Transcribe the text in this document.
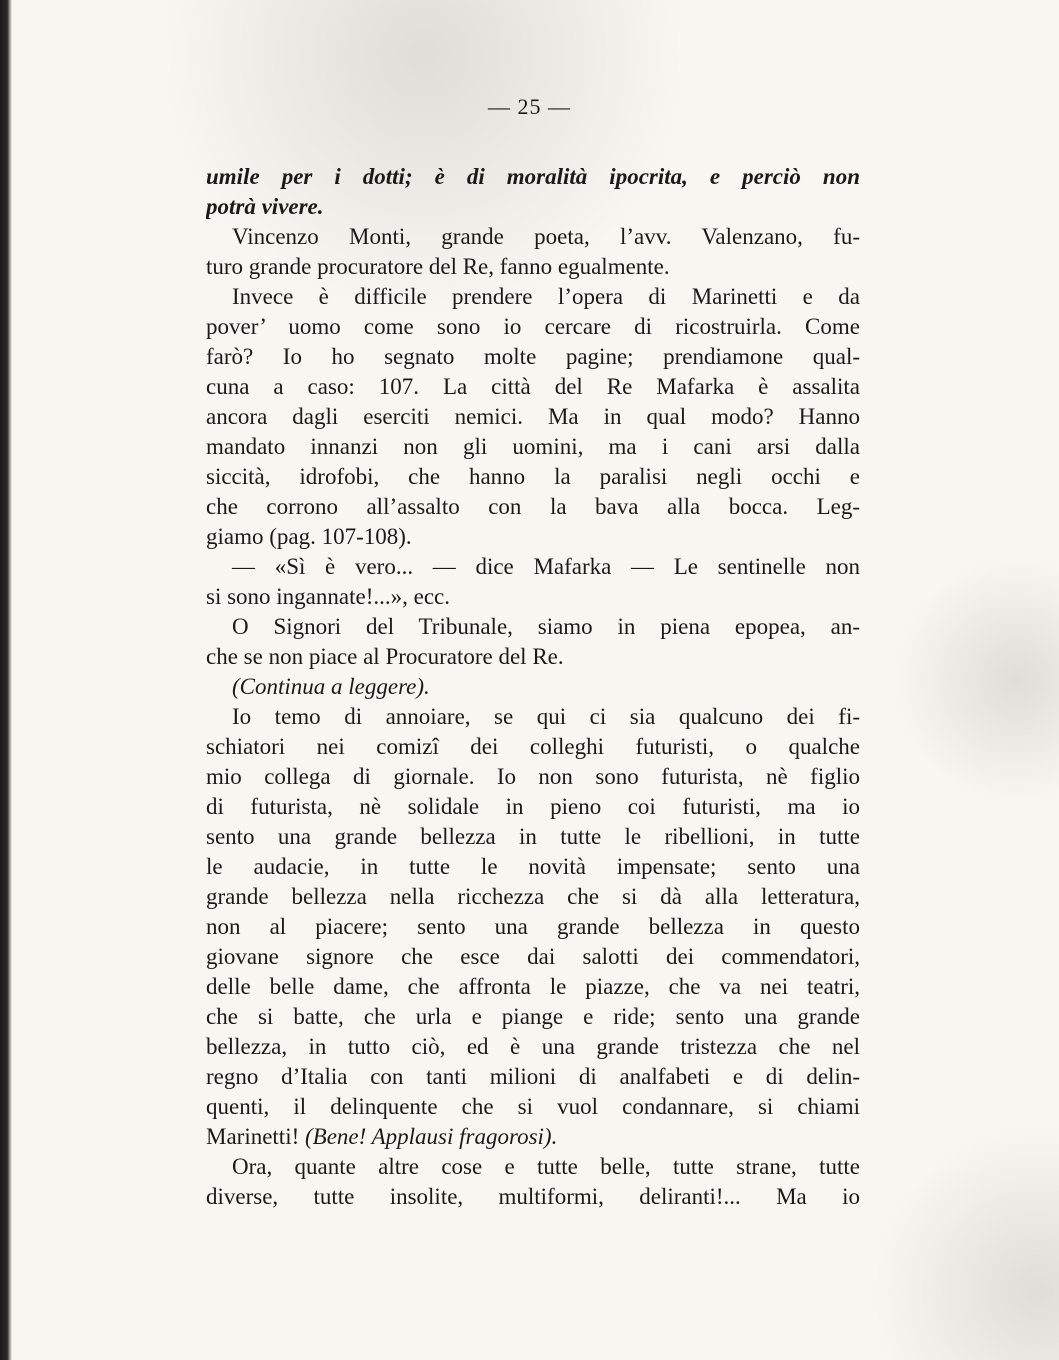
— 25 —
umile per i dotti; è di moralità ipocrita, e perciò non
potrà vivere.
Vincenzo Monti, grande poeta, l’avv. Valenzano, fu-
turo grande procuratore del Re, fanno egualmente.
Invece è difficile prendere l’opera di Marinetti e da
pover’ uomo come sono io cercare di ricostruirla. Come
farò? Io ho segnato molte pagine; prendiamone qual-
cuna a caso: 107. La città del Re Mafarka è assalita
ancora dagli eserciti nemici. Ma in qual modo? Hanno
mandato innanzi non gli uomini, ma i cani arsi dalla
siccità, idrofobi, che hanno la paralisi negli occhi e
che corrono all’assalto con la bava alla bocca. Leg-
giamo (pag. 107-108).
— «Sì è vero... — dice Mafarka — Le sentinelle non
si sono ingannate!...», ecc.
O Signori del Tribunale, siamo in piena epopea, an-
che se non piace al Procuratore del Re.
(Continua a leggere).
Io temo di annoiare, se qui ci sia qualcuno dei fi-
schiatori nei comizî dei colleghi futuristi, o qualche
mio collega di giornale. Io non sono futurista, nè figlio
di futurista, nè solidale in pieno coi futuristi, ma io
sento una grande bellezza in tutte le ribellioni, in tutte
le audacie, in tutte le novità impensate; sento una
grande bellezza nella ricchezza che si dà alla letteratura,
non al piacere; sento una grande bellezza in questo
giovane signore che esce dai salotti dei commendatori,
delle belle dame, che affronta le piazze, che va nei teatri,
che si batte, che urla e piange e ride; sento una grande
bellezza, in tutto ciò, ed è una grande tristezza che nel
regno d’Italia con tanti milioni di analfabeti e di delin-
quenti, il delinquente che si vuol condannare, si chiami
Marinetti! (Bene! Applausi fragorosi).
Ora, quante altre cose e tutte belle, tutte strane, tutte
diverse, tutte insolite, multiformi, deliranti!... Ma io
